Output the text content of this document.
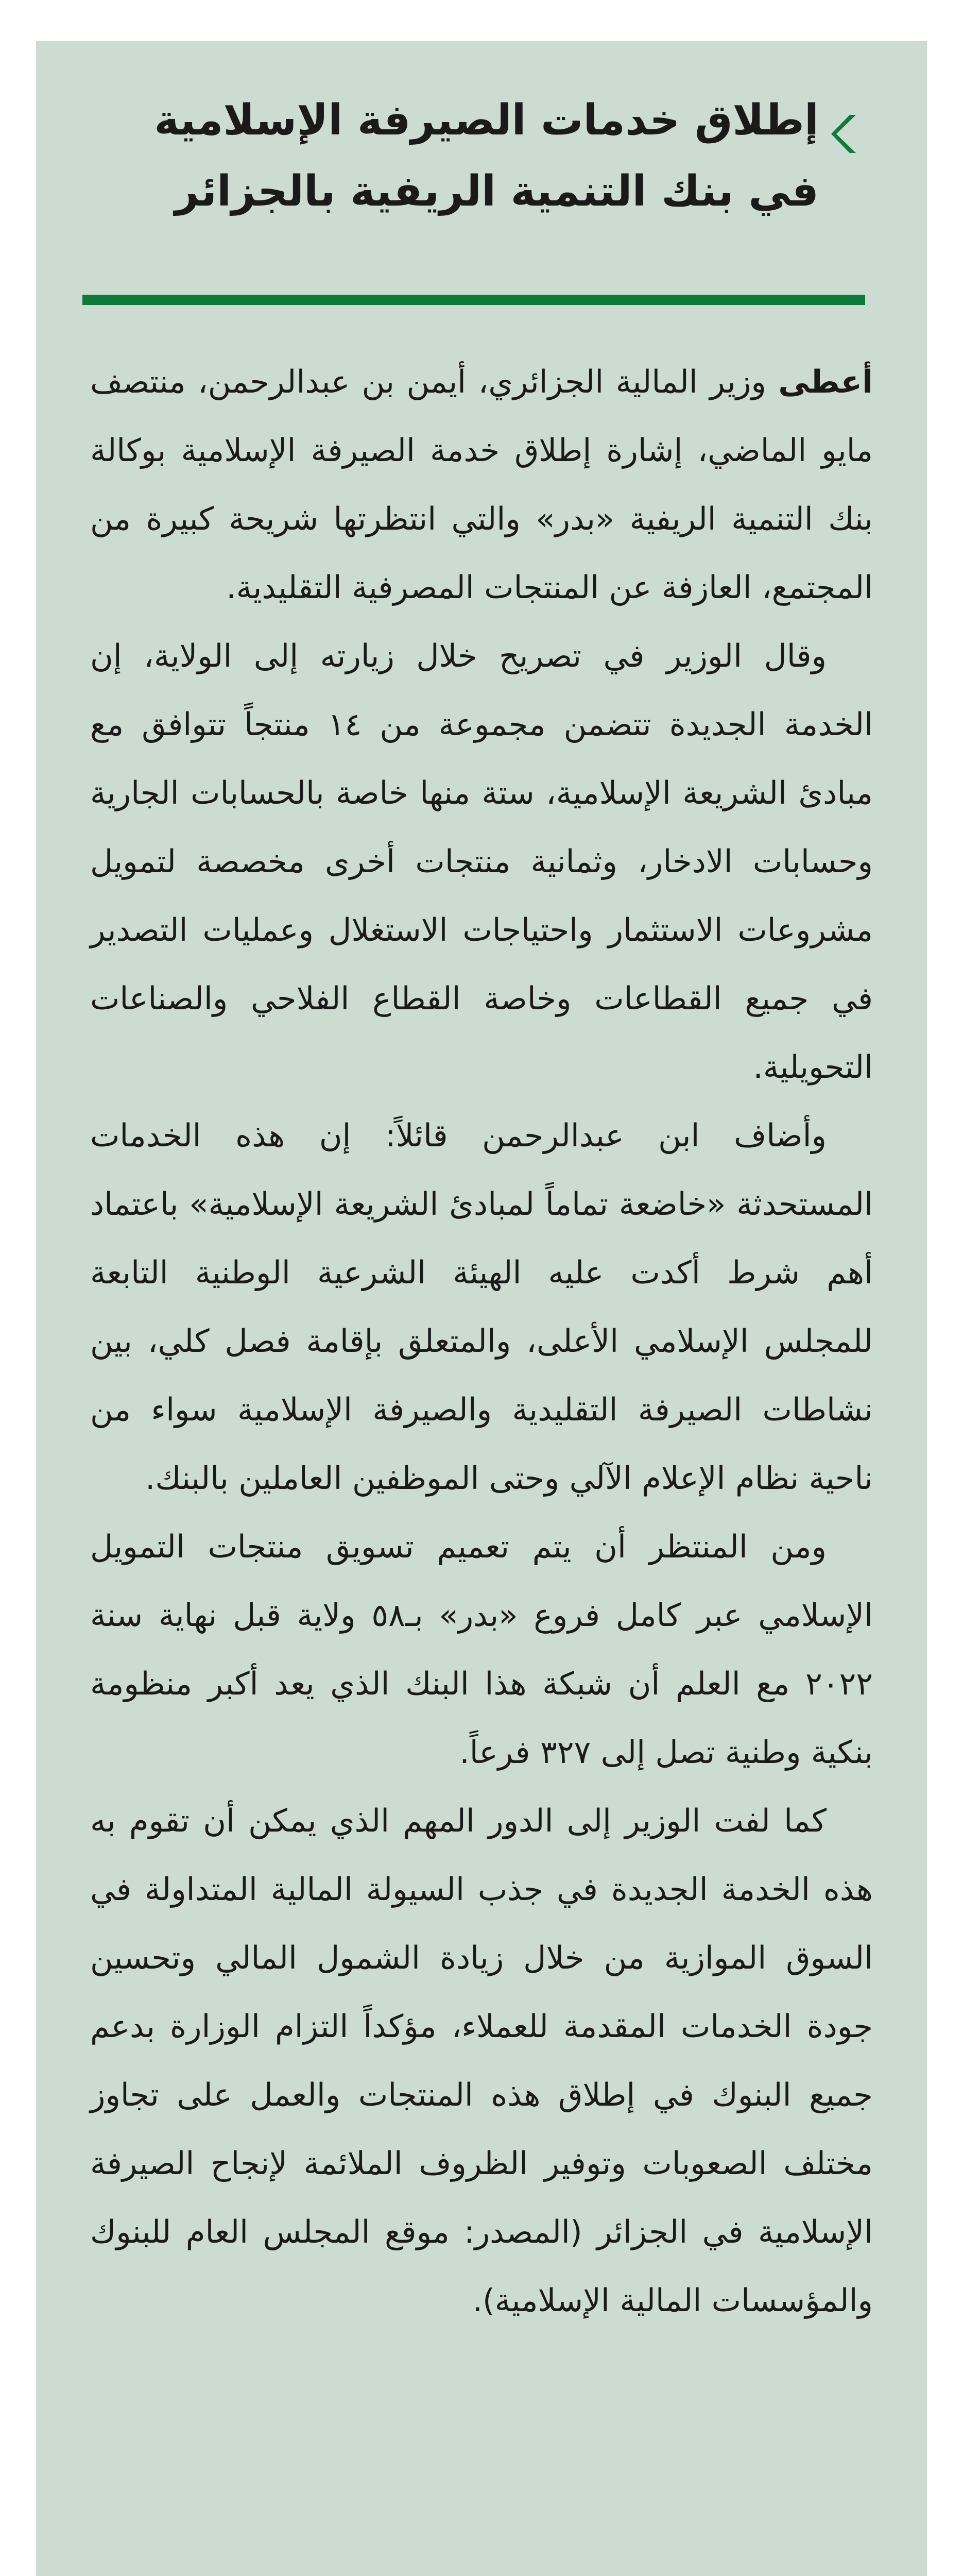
إطلاق خدمات الصيرفة الإسلامية
في بنك التنمية الريفية بالجزائر

أعطى وزير المالية الجزائري، أيمن بن عبدالرحمن، منتصف مايو الماضي، إشارة إطلاق خدمة الصيرفة الإسلامية بوكالة بنك التنمية الريفية «بدر» والتي انتظرتها شريحة كبيرة من المجتمع، العازفة عن المنتجات المصرفية التقليدية.

وقال الوزير في تصريح خلال زيارته إلى الولاية، إن الخدمة الجديدة تتضمن مجموعة من ١٤ منتجاً تتوافق مع مبادئ الشريعة الإسلامية، ستة منها خاصة بالحسابات الجارية وحسابات الادخار، وثمانية منتجات أخرى مخصصة لتمويل مشروعات الاستثمار واحتياجات الاستغلال وعمليات التصدير في جميع القطاعات وخاصة القطاع الفلاحي والصناعات التحويلية.

وأضاف ابن عبدالرحمن قائلاً: إن هذه الخدمات المستحدثة «خاضعة تماماً لمبادئ الشريعة الإسلامية» باعتماد أهم شرط أكدت عليه الهيئة الشرعية الوطنية التابعة للمجلس الإسلامي الأعلى، والمتعلق بإقامة فصل كلي، بين نشاطات الصيرفة التقليدية والصيرفة الإسلامية سواء من ناحية نظام الإعلام الآلي وحتى الموظفين العاملين بالبنك.

ومن المنتظر أن يتم تعميم تسويق منتجات التمويل الإسلامي عبر كامل فروع «بدر» بـ٥٨ ولاية قبل نهاية سنة ٢٠٢٢ مع العلم أن شبكة هذا البنك الذي يعد أكبر منظومة بنكية وطنية تصل إلى ٣٢٧ فرعاً.

كما لفت الوزير إلى الدور المهم الذي يمكن أن تقوم به هذه الخدمة الجديدة في جذب السيولة المالية المتداولة في السوق الموازية من خلال زيادة الشمول المالي وتحسين جودة الخدمات المقدمة للعملاء، مؤكداً التزام الوزارة بدعم جميع البنوك في إطلاق هذه المنتجات والعمل على تجاوز مختلف الصعوبات وتوفير الظروف الملائمة لإنجاح الصيرفة الإسلامية في الجزائر (المصدر: موقع المجلس العام للبنوك والمؤسسات المالية الإسلامية).
